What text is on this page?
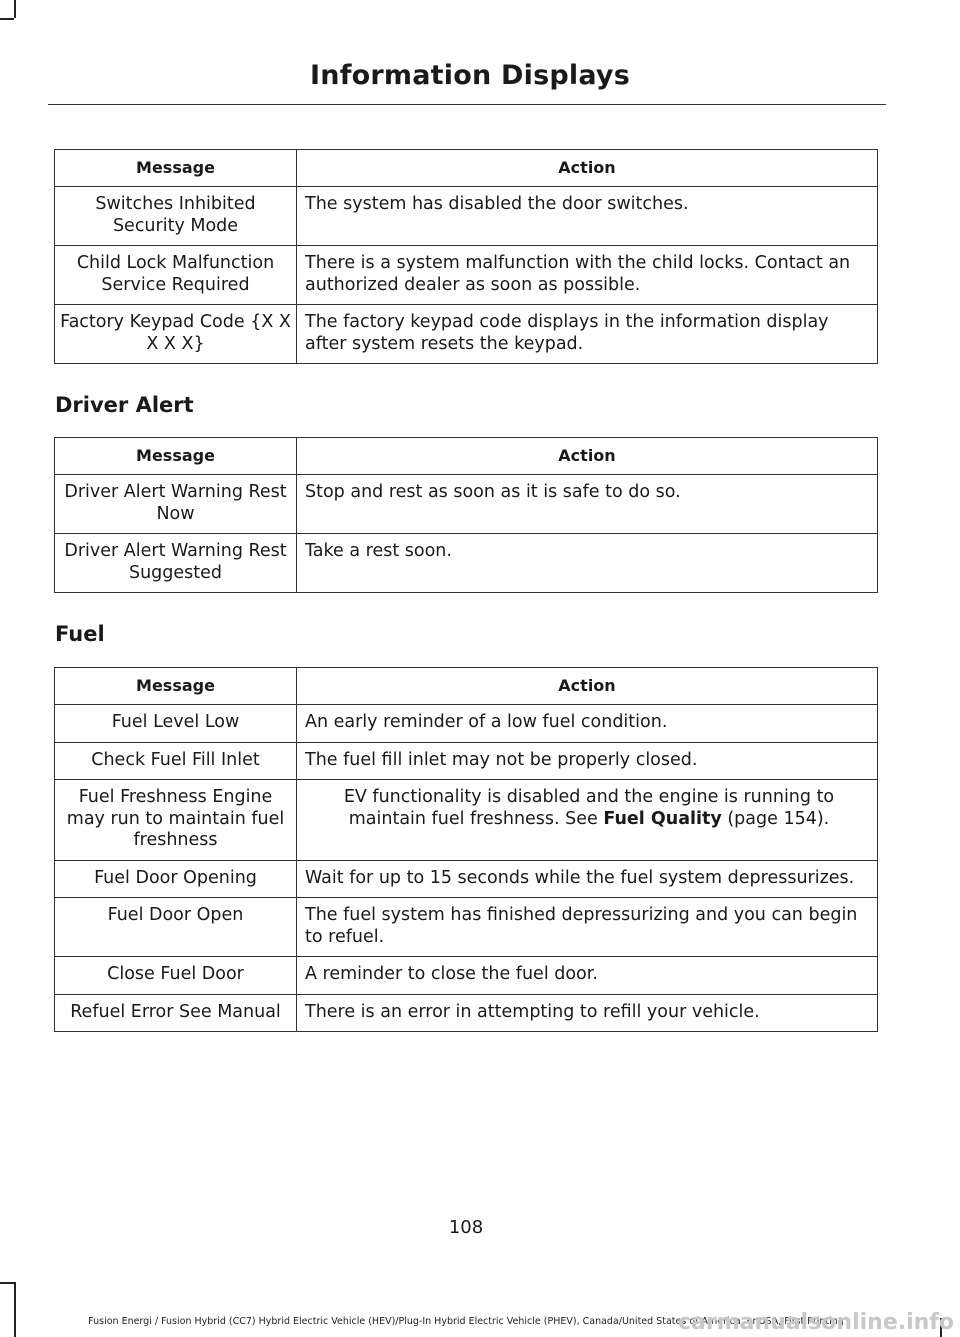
Information Displays
Message	Action
Switches Inhibited Security Mode	The system has disabled the door switches.
Child Lock Malfunction Service Required	There is a system malfunction with the child locks. Contact an authorized dealer as soon as possible.
Factory Keypad Code {X X X X X}	The factory keypad code displays in the information display after system resets the keypad.
Driver Alert
Message	Action
Driver Alert Warning Rest Now	Stop and rest as soon as it is safe to do so.
Driver Alert Warning Rest Suggested	Take a rest soon.
Fuel
Message	Action
Fuel Level Low	An early reminder of a low fuel condition.
Check Fuel Fill Inlet	The fuel fill inlet may not be properly closed.
Fuel Freshness Engine may run to maintain fuel freshness	EV functionality is disabled and the engine is running to maintain fuel freshness. See Fuel Quality (page 154).
Fuel Door Opening	Wait for up to 15 seconds while the fuel system depressurizes.
Fuel Door Open	The fuel system has finished depressurizing and you can begin to refuel.
Close Fuel Door	A reminder to close the fuel door.
Refuel Error See Manual	There is an error in attempting to refill your vehicle.
108
Fusion Energi / Fusion Hybrid (CC7) Hybrid Electric Vehicle (HEV)/Plug-In Hybrid Electric Vehicle (PHEV), Canada/United States of America, enUSA, First Printing
carmanualsonline.info
